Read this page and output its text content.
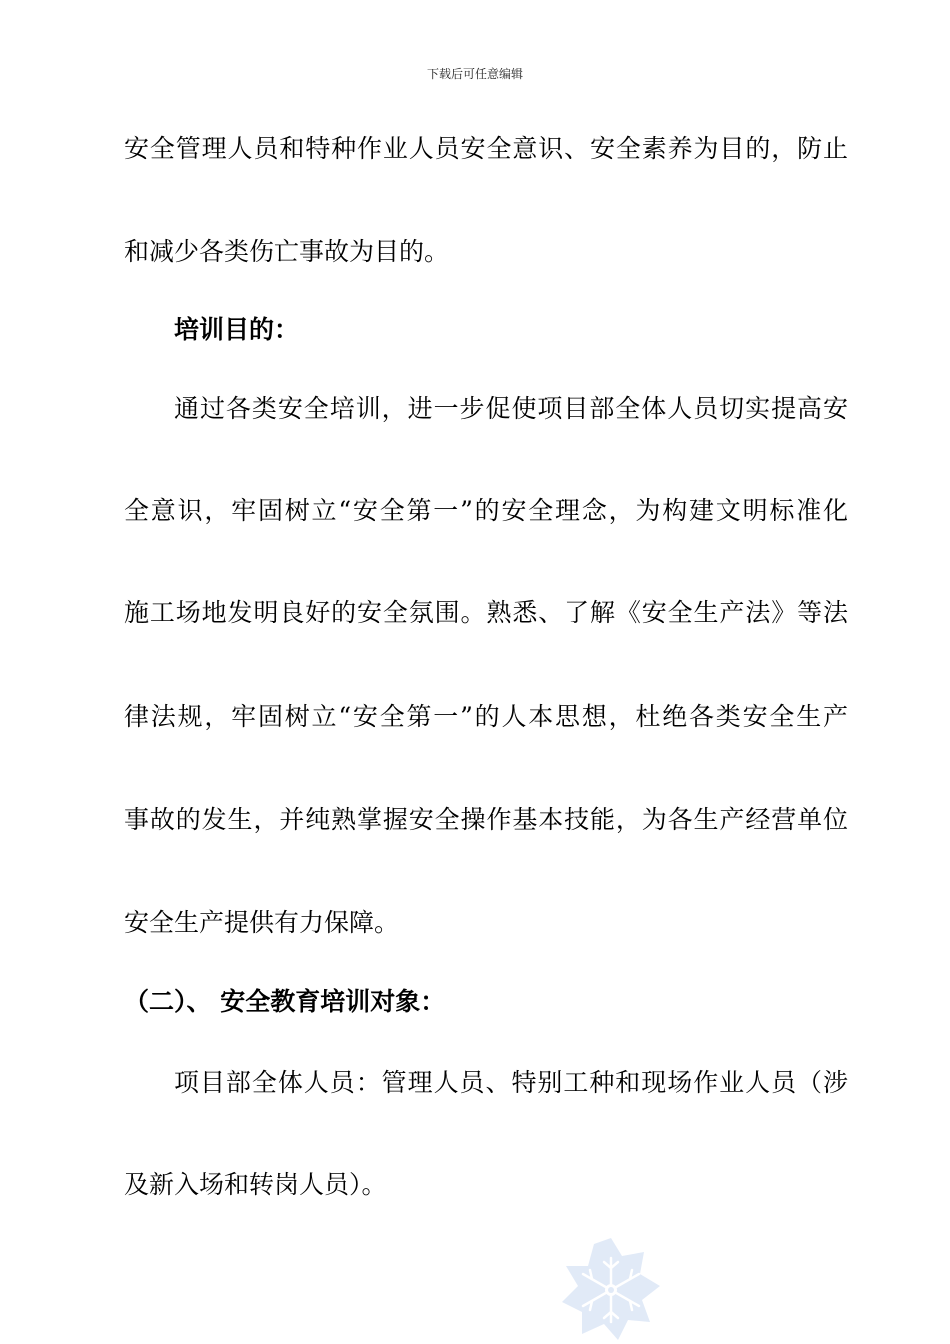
下载后可任意编辑
安全管理人员和特种作业人员安全意识、安全素养为目的，防止
和减少各类伤亡事故为目的。
培训目的：
通过各类安全培训，进一步促使项目部全体人员切实提高安
全意识，牢固树立“安全第一”的安全理念，为构建文明标准化
施工场地发明良好的安全氛围。熟悉、了解《安全生产法》等法
律法规，牢固树立“安全第一”的人本思想，杜绝各类安全生产
事故的发生，并纯熟掌握安全操作基本技能，为各生产经营单位
安全生产提供有力保障。
（二）、 安全教育培训对象：
项目部全体人员：管理人员、特别工种和现场作业人员（涉
及新入场和转岗人员）。
